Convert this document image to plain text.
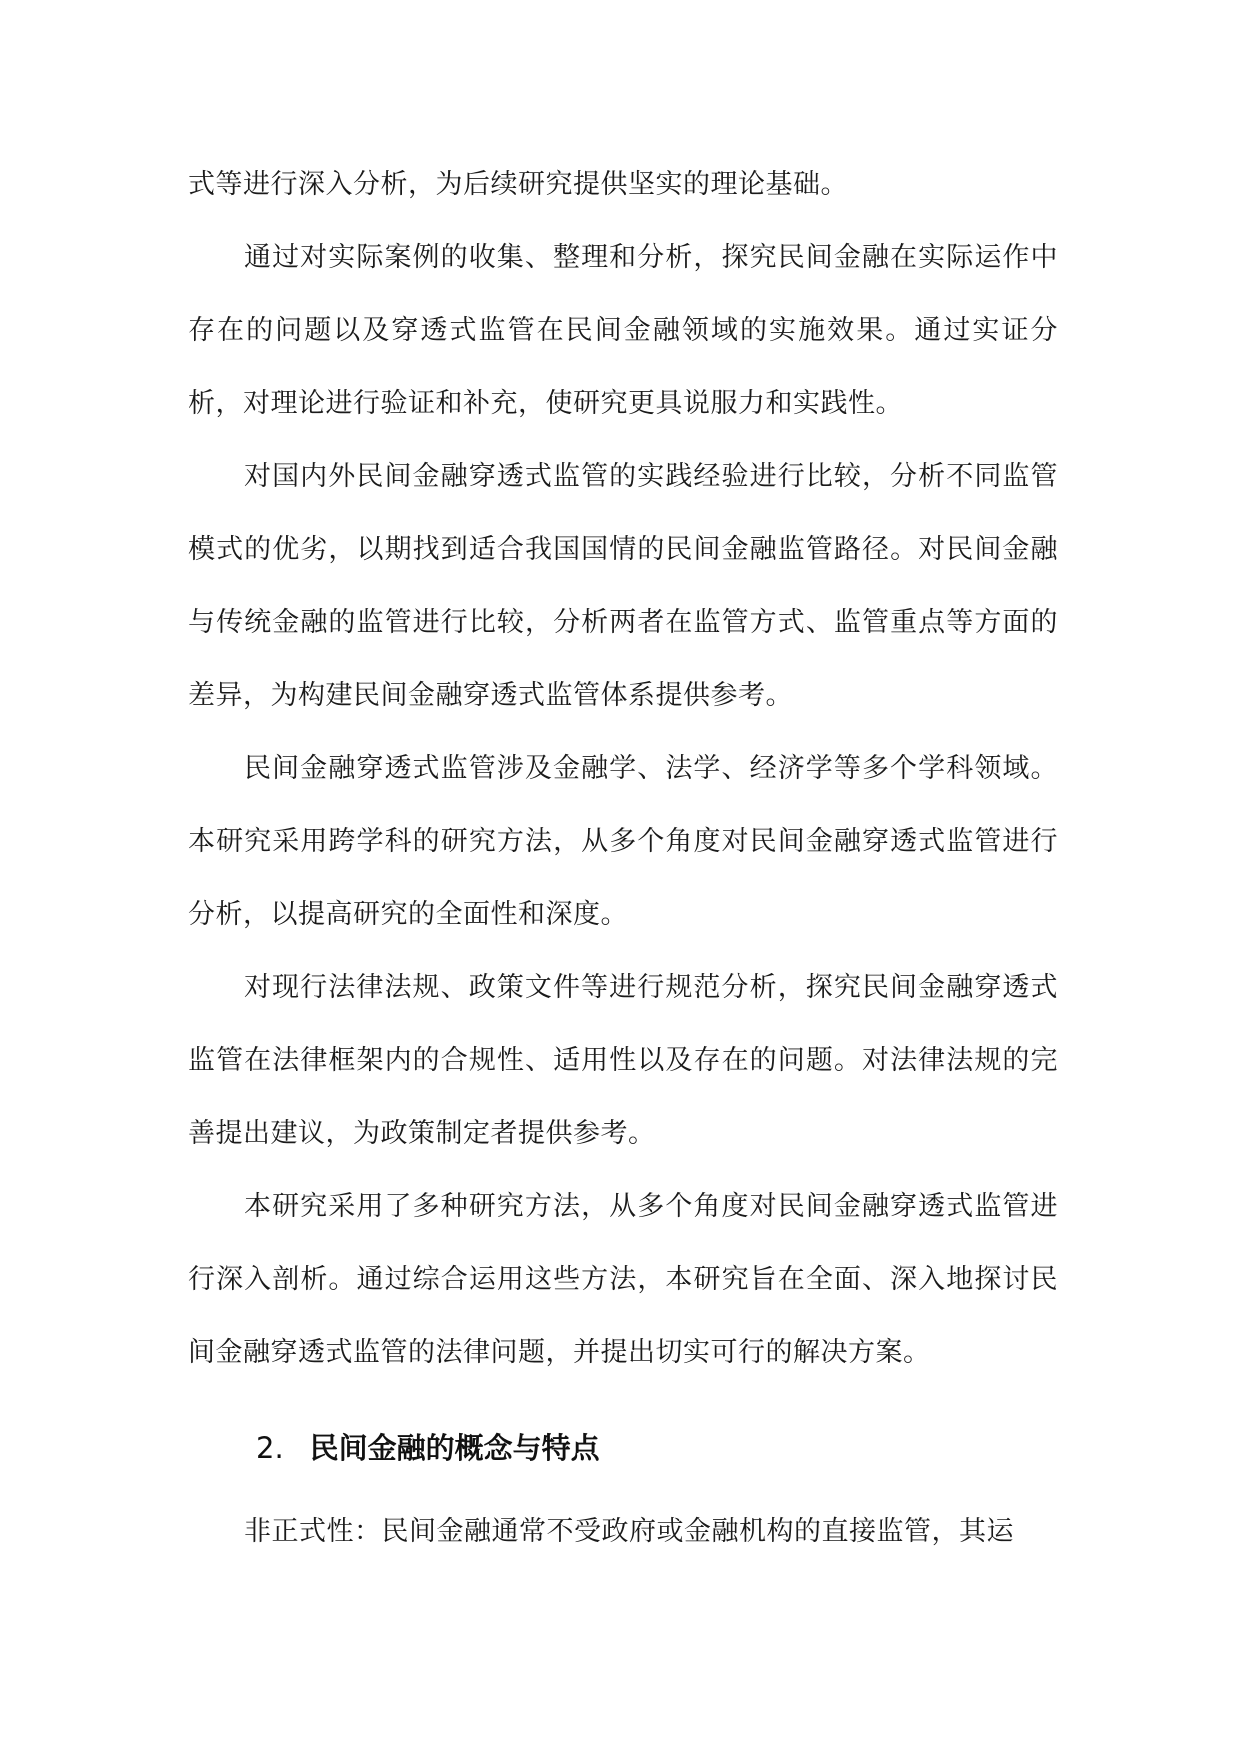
式等进行深入分析，为后续研究提供坚实的理论基础。

通过对实际案例的收集、整理和分析，探究民间金融在实际运作中存在的问题以及穿透式监管在民间金融领域的实施效果。通过实证分析，对理论进行验证和补充，使研究更具说服力和实践性。

对国内外民间金融穿透式监管的实践经验进行比较，分析不同监管模式的优劣，以期找到适合我国国情的民间金融监管路径。对民间金融与传统金融的监管进行比较，分析两者在监管方式、监管重点等方面的差异，为构建民间金融穿透式监管体系提供参考。

民间金融穿透式监管涉及金融学、法学、经济学等多个学科领域。本研究采用跨学科的研究方法，从多个角度对民间金融穿透式监管进行分析，以提高研究的全面性和深度。

对现行法律法规、政策文件等进行规范分析，探究民间金融穿透式监管在法律框架内的合规性、适用性以及存在的问题。对法律法规的完善提出建议，为政策制定者提供参考。

本研究采用了多种研究方法，从多个角度对民间金融穿透式监管进行深入剖析。通过综合运用这些方法，本研究旨在全面、深入地探讨民间金融穿透式监管的法律问题，并提出切实可行的解决方案。

2. 民间金融的概念与特点

非正式性：民间金融通常不受政府或金融机构的直接监管，其运
